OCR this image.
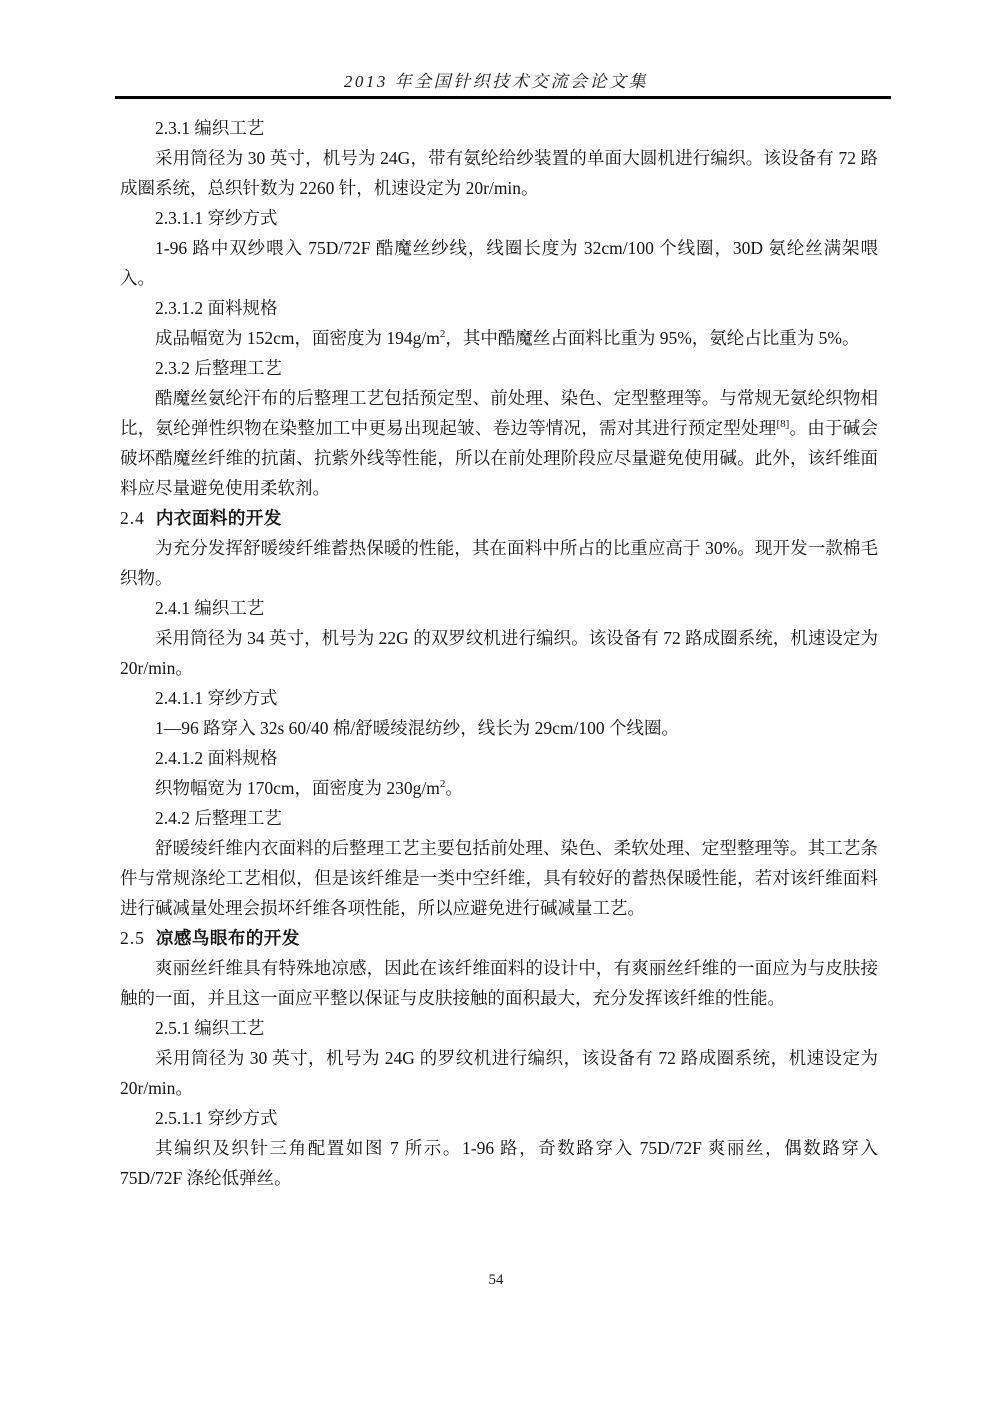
2013 年全国针织技术交流会论文集
2.3.1 编织工艺
采用筒径为 30 英寸，机号为 24G，带有氨纶给纱装置的单面大圆机进行编织。该设备有 72 路成圈系统，总织针数为 2260 针，机速设定为 20r/min。
2.3.1.1 穿纱方式
1-96 路中双纱喂入 75D/72F 酷魔丝纱线，线圈长度为 32cm/100 个线圈，30D 氨纶丝满架喂入。
2.3.1.2 面料规格
成品幅宽为 152cm，面密度为 $194g/m^2$，其中酷魔丝占面料比重为 95%，氨纶占比重为 5%。
2.3.2 后整理工艺
酷魔丝氨纶汗布的后整理工艺包括预定型、前处理、染色、定型整理等。与常规无氨纶织物相比，氨纶弹性织物在染整加工中更易出现起皱、卷边等情况，需对其进行预定型处理[8]。由于碱会破坏酷魔丝纤维的抗菌、抗紫外线等性能，所以在前处理阶段应尽量避免使用碱。此外，该纤维面料应尽量避免使用柔软剂。
2.4 内衣面料的开发
为充分发挥舒暖绫纤维蓄热保暖的性能，其在面料中所占的比重应高于 30%。现开发一款棉毛织物。
2.4.1 编织工艺
采用筒径为 34 英寸，机号为 22G 的双罗纹机进行编织。该设备有 72 路成圈系统，机速设定为 20r/min。
2.4.1.1 穿纱方式
1—96 路穿入 32s 60/40 棉/舒暖绫混纺纱，线长为 29cm/100 个线圈。
2.4.1.2 面料规格
织物幅宽为 170cm，面密度为 $230g/m^2$。
2.4.2 后整理工艺
舒暖绫纤维内衣面料的后整理工艺主要包括前处理、染色、柔软处理、定型整理等。其工艺条件与常规涤纶工艺相似，但是该纤维是一类中空纤维，具有较好的蓄热保暖性能，若对该纤维面料进行碱减量处理会损坏纤维各项性能，所以应避免进行碱减量工艺。
2.5 凉感鸟眼布的开发
爽丽丝纤维具有特殊地凉感，因此在该纤维面料的设计中，有爽丽丝纤维的一面应为与皮肤接触的一面，并且这一面应平整以保证与皮肤接触的面积最大，充分发挥该纤维的性能。
2.5.1 编织工艺
采用筒径为 30 英寸，机号为 24G 的罗纹机进行编织，该设备有 72 路成圈系统，机速设定为 20r/min。
2.5.1.1 穿纱方式
其编织及织针三角配置如图 7 所示。1-96 路，奇数路穿入 75D/72F 爽丽丝，偶数路穿入 75D/72F 涤纶低弹丝。
54
